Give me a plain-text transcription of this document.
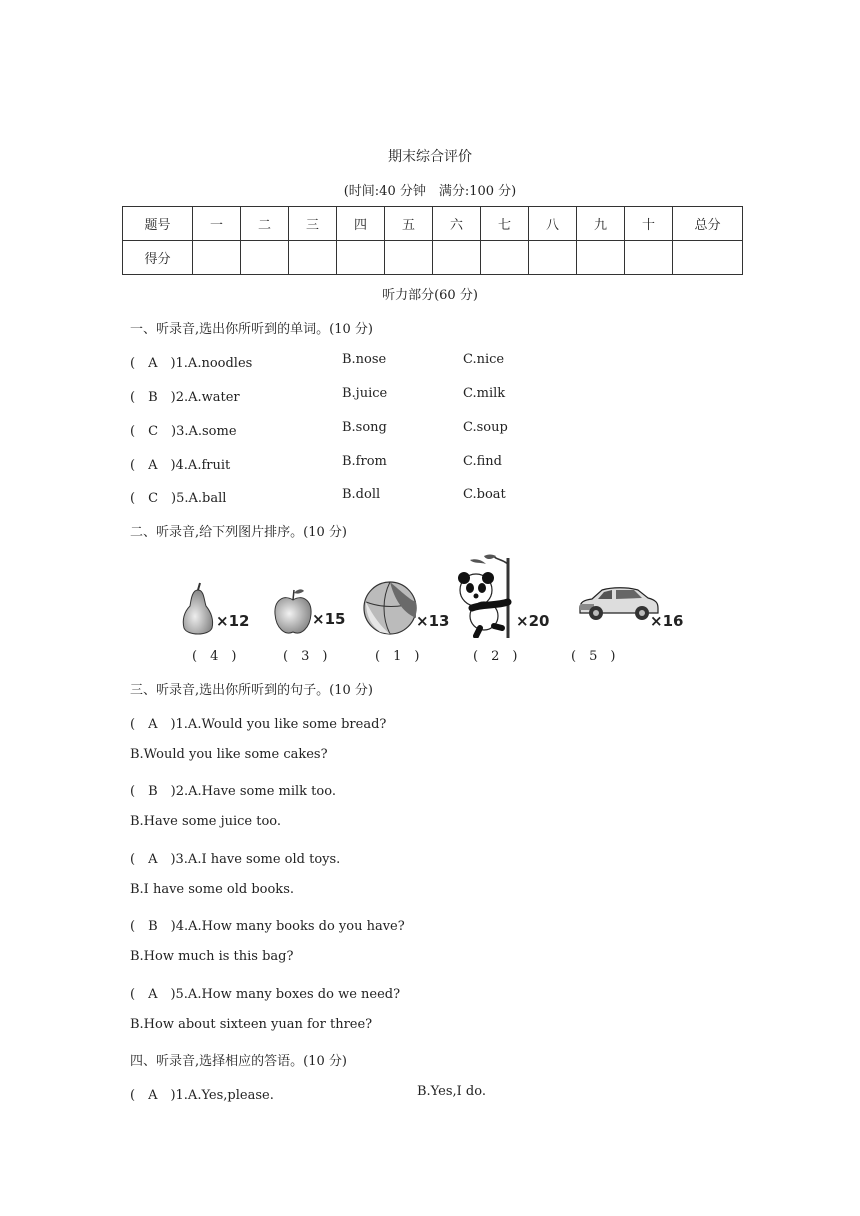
期末综合评价
(时间:40 分钟　满分:100 分)
题号	一	二	三	四	五	六	七	八	九	十	总分
得分											
听力部分(60 分)
一、听录音,选出你所听到的单词。(10 分)
(　A　)1.A.noodles	B.nose	C.nice
(　B　)2.A.water	B.juice	C.milk
(　C　)3.A.some	B.song	C.soup
(　A　)4.A.fruit	B.from	C.find
(　C　)5.A.ball	B.doll	C.boat
二、听录音,给下列图片排序。(10 分)
×12	×15	×13	×20	×16
(　4　)	(　3　)	(　1　)	(　2　)	(　5　)
三、听录音,选出你所听到的句子。(10 分)
(　A　)1.A.Would you like some bread?
B.Would you like some cakes?
(　B　)2.A.Have some milk too.
B.Have some juice too.
(　A　)3.A.I have some old toys.
B.I have some old books.
(　B　)4.A.How many books do you have?
B.How much is this bag?
(　A　)5.A.How many boxes do we need?
B.How about sixteen yuan for three?
四、听录音,选择相应的答语。(10 分)
(　A　)1.A.Yes,please.	B.Yes,I do.
